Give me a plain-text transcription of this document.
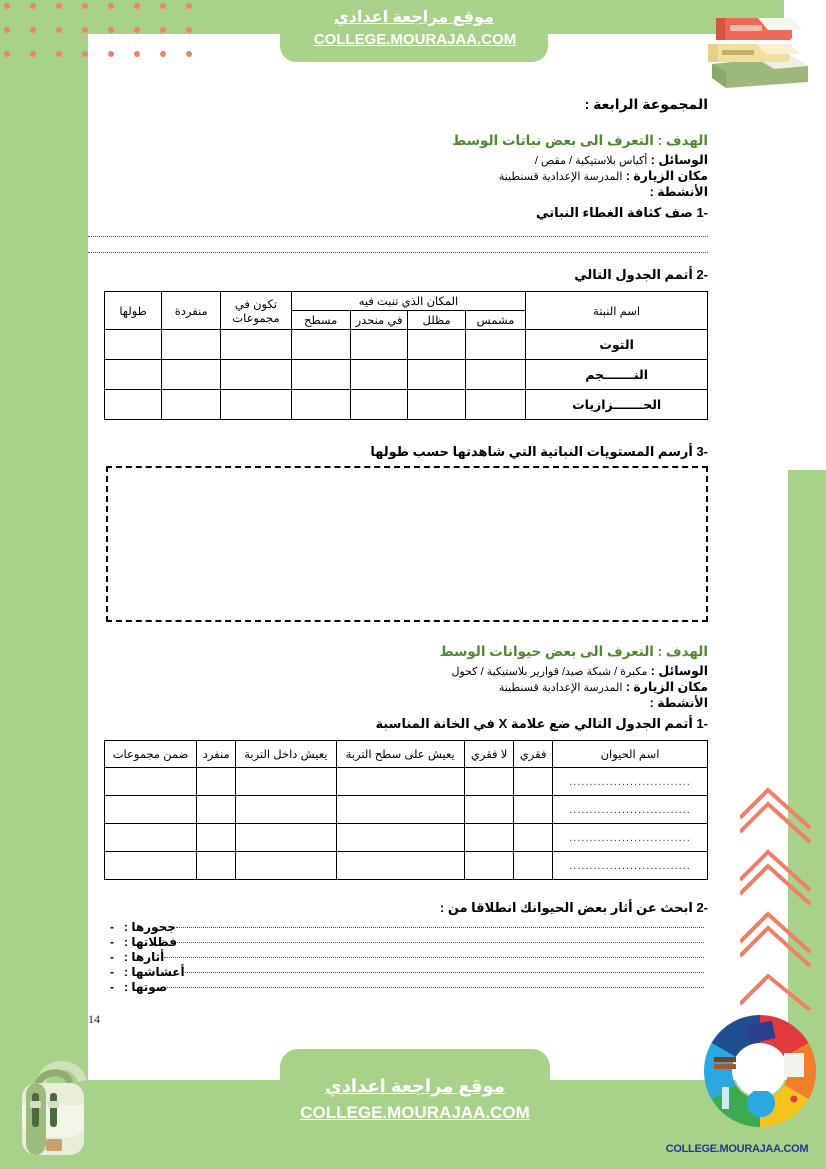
موقع مراجعة اعدادي
COLLEGE.MOURAJAA.COM
المجموعة الرابعة :
الهدف : التعرف الى بعض نباتات الوسط
الوسائل : أكياس بلاستيكية / مقص /
مكان الزيارة : المدرسة الإعدادية قسنطينة
الأنشطة :
1- صف كثافة الغطاء النباتي
2- أتمم الجدول التالي
اسم النبتة	المكان الذي تنبت فيه				تكون في مجموعات	منفردة	طولها
	مشمس	مظلل	في منحدر	مسطح			
التوت							
النـــــــجم							
الحـــــــزازيات							
3- أرسم المستويات النباتية التي شاهدتها حسب طولها
الهدف : التعرف الى بعض حيوانات الوسط
الوسائل : مكبرة / شبكة صيد/ قوارير بلاستيكية / كحول
مكان الزيارة : المدرسة الإعدادية قسنطينة
الأنشطة :
1- أتمم الجدول التالي ضع علامة X في الخانة المناسبة
اسم الحيوان	فقري	لا فقري	يعيش على سطح التربة	يعيش داخل التربة	منفرد	ضمن مجموعات
..............................						
..............................						
..............................						
..............................						
2- ابحث عن أثار بعض الحيوانك انطلاقا من :
- جحورها :
- فظلاتها :
- أثارها :
- أعشاشها :
- صوتها :
14
موقع مراجعة اعدادي
COLLEGE.MOURAJAA.COM
COLLEGE.MOURAJAA.COM
